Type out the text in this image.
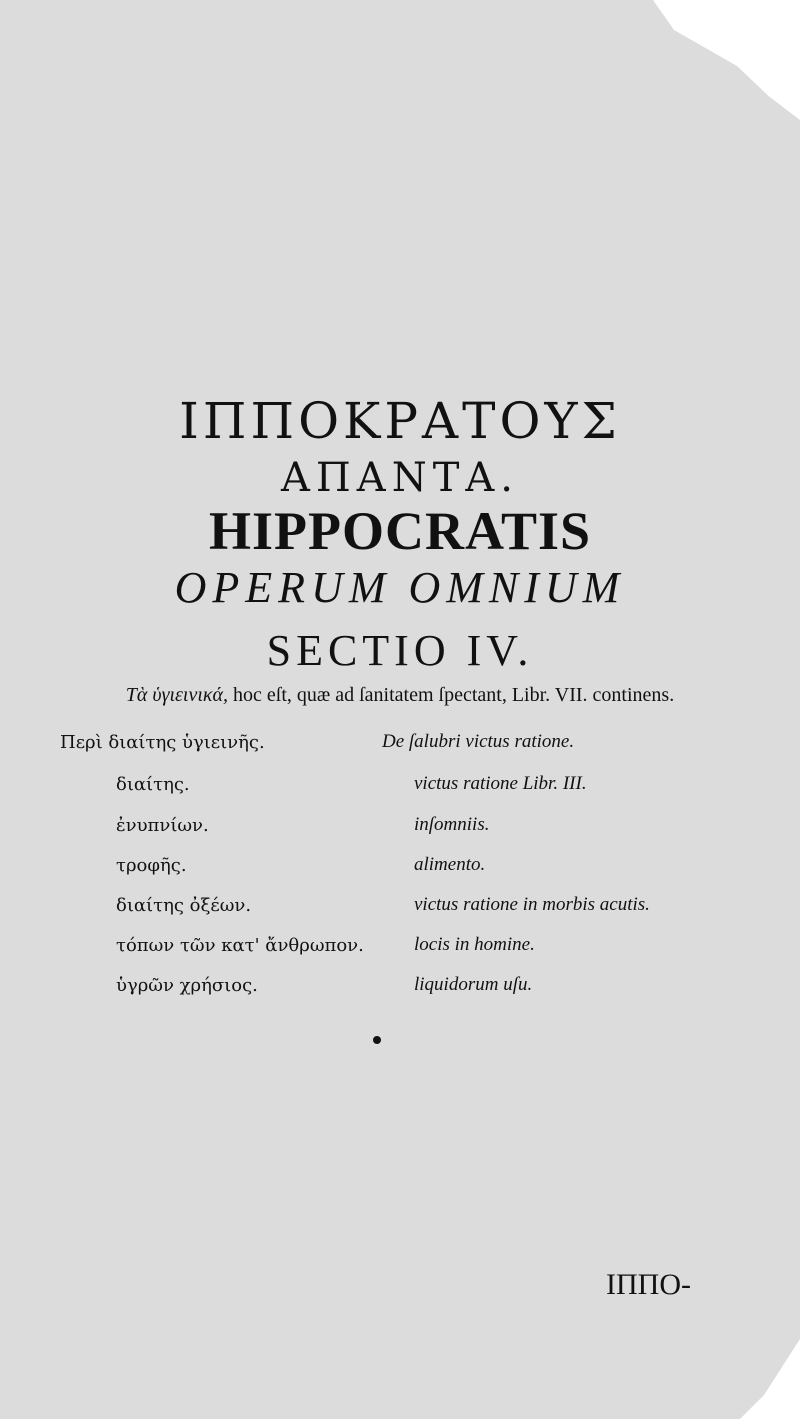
ΙΠΠΟΚΡΑΤΟΥΣ
ΑΠΑΝΤΑ.
HIPPOCRATIS
OPERUM OMNIUM
SECTIO IV.
Τὰ ὑγιεινικά, hoc eſt, quæ ad ſanitatem ſpectant, Libr. VII. continens.
Περὶ διαίτης ὑγιεινῆς.	De ſalubri victus ratione.
διαίτης.	victus ratione Libr. III.
ἐνυπνίων.	inſomniis.
τροφῆς.	alimento.
διαίτης ὀξέων.	victus ratione in morbis acutis.
τόπων τῶν κατ' ἄνθρωπον.	locis in homine.
ὑγρῶν χρήσιος.	liquidorum uſu.
ΙΠΠΟ-
